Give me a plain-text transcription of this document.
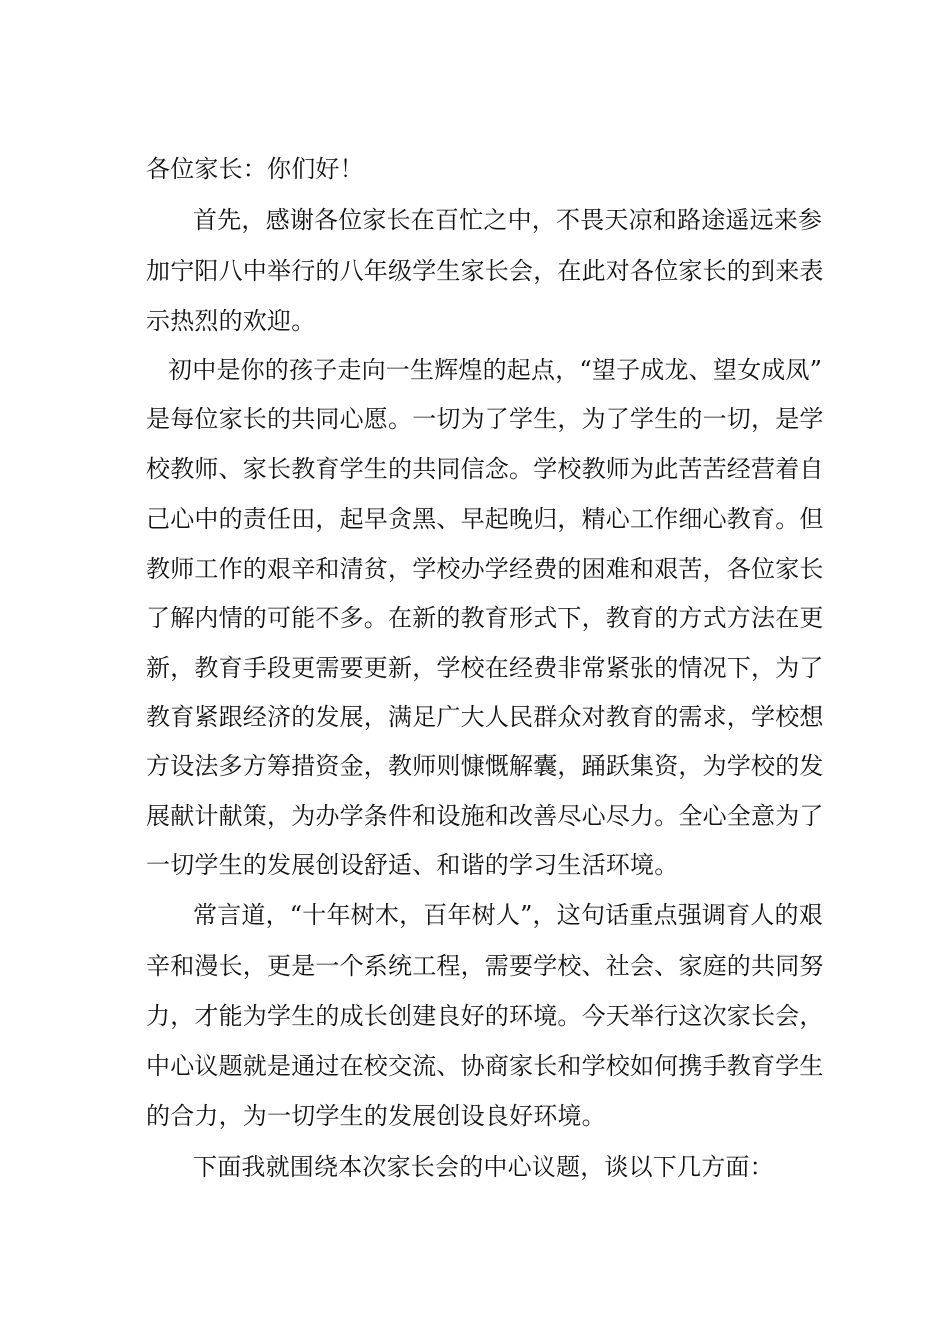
各位家长：你们好！
首先，感谢各位家长在百忙之中，不畏天凉和路途遥远来参
加宁阳八中举行的八年级学生家长会，在此对各位家长的到来表
示热烈的欢迎。
初中是你的孩子走向一生辉煌的起点，“望子成龙、望女成凤”
是每位家长的共同心愿。一切为了学生，为了学生的一切，是学
校教师、家长教育学生的共同信念。学校教师为此苦苦经营着自
己心中的责任田，起早贪黑、早起晚归，精心工作细心教育。但
教师工作的艰辛和清贫，学校办学经费的困难和艰苦，各位家长
了解内情的可能不多。在新的教育形式下，教育的方式方法在更
新，教育手段更需要更新，学校在经费非常紧张的情况下，为了
教育紧跟经济的发展，满足广大人民群众对教育的需求，学校想
方设法多方筹措资金，教师则慷慨解囊，踊跃集资，为学校的发
展献计献策，为办学条件和设施和改善尽心尽力。全心全意为了
一切学生的发展创设舒适、和谐的学习生活环境。
常言道，“十年树木，百年树人”，这句话重点强调育人的艰
辛和漫长，更是一个系统工程，需要学校、社会、家庭的共同努
力，才能为学生的成长创建良好的环境。今天举行这次家长会，
中心议题就是通过在校交流、协商家长和学校如何携手教育学生
的合力，为一切学生的发展创设良好环境。
下面我就围绕本次家长会的中心议题，谈以下几方面：
